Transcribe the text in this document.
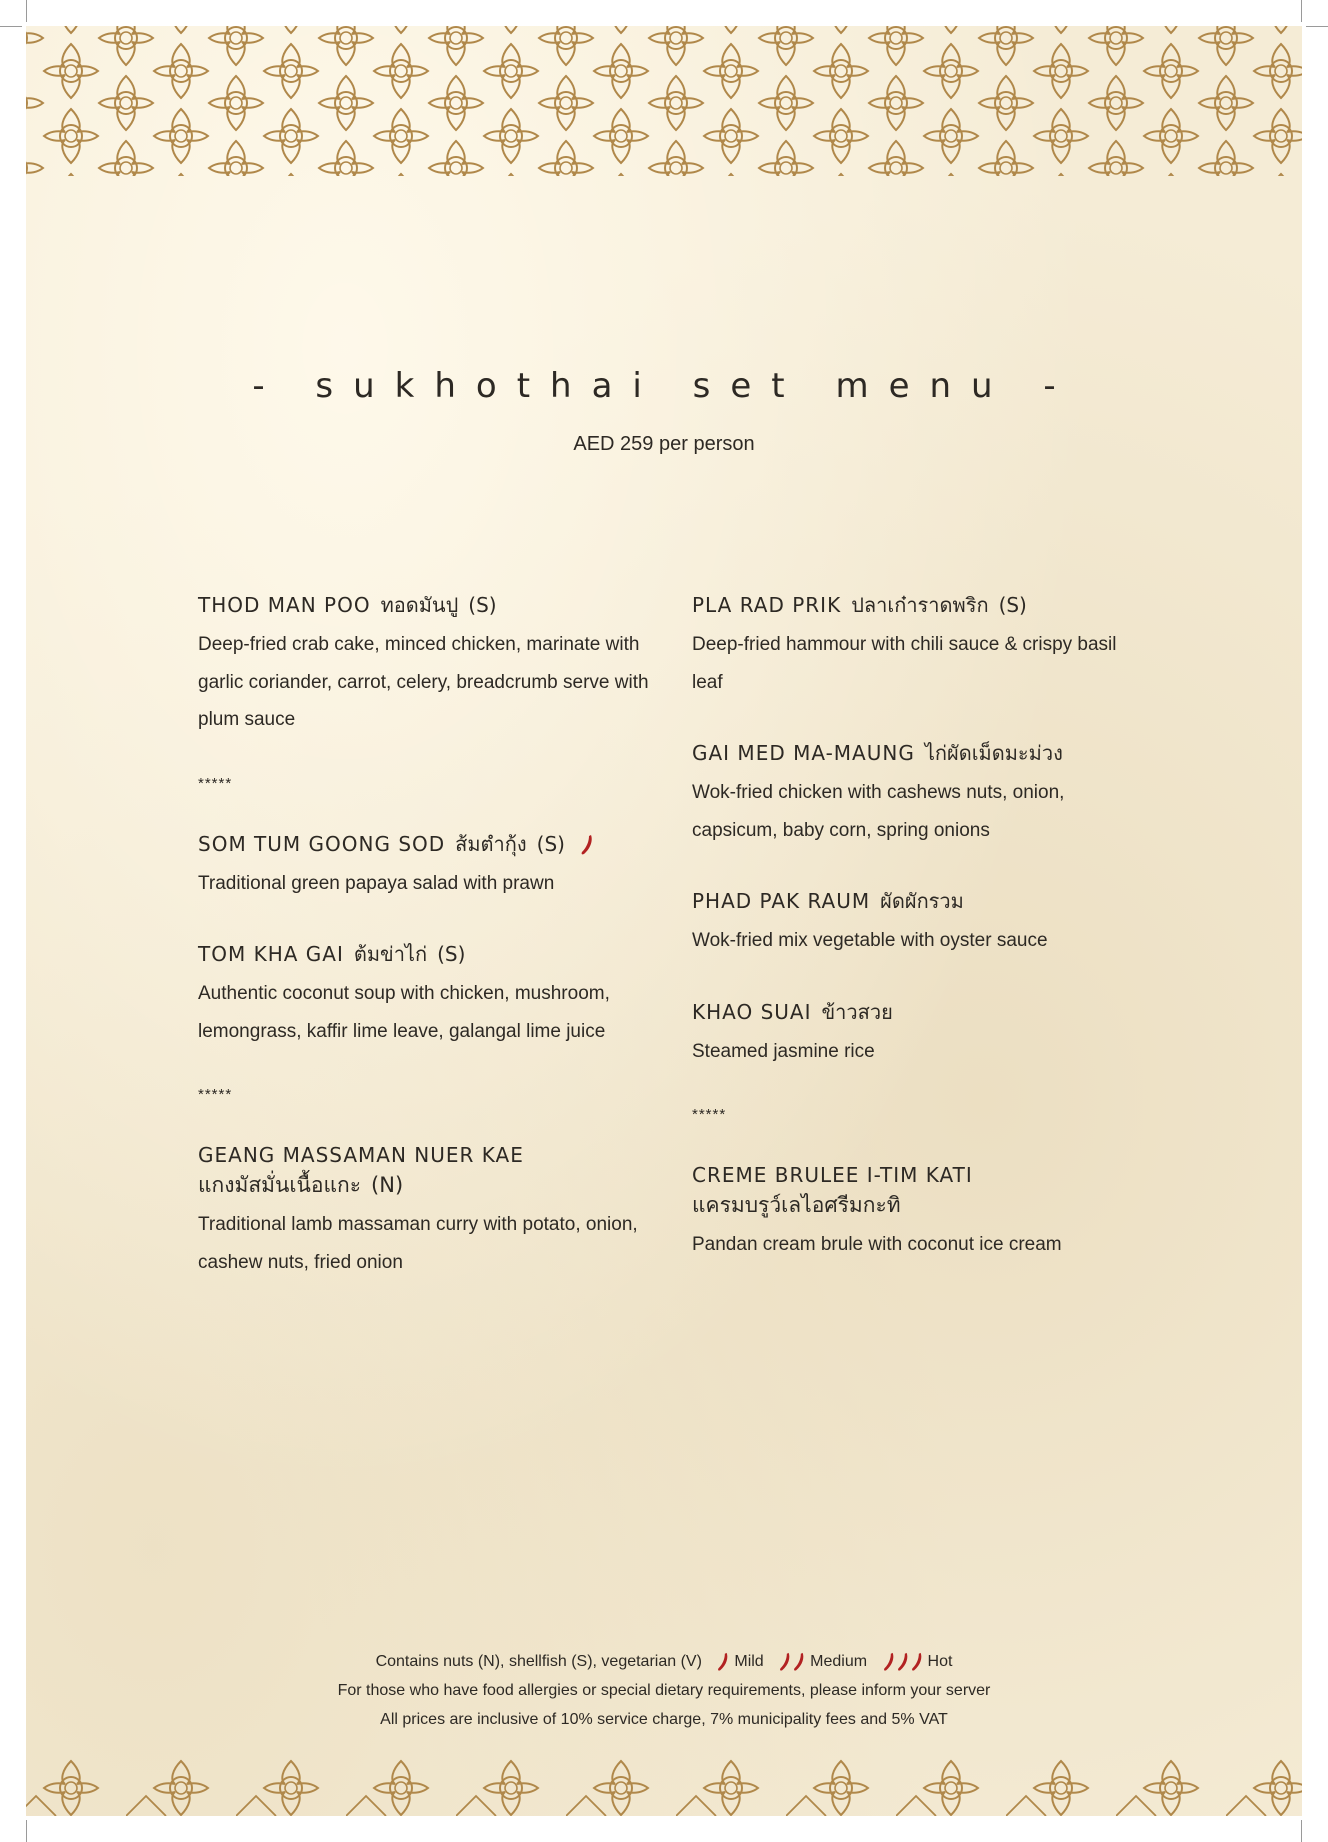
- sukhothai set menu -
AED 259 per person
THOD MAN POO ทอดมันปู (S)
Deep-fried crab cake, minced chicken, marinate with garlic coriander, carrot, celery, breadcrumb serve with plum sauce
*****
SOM TUM GOONG SOD ส้มตำกุ้ง (S)
Traditional green papaya salad with prawn
TOM KHA GAI ต้มข่าไก่ (S)
Authentic coconut soup with chicken, mushroom, lemongrass, kaffir lime leave, galangal lime juice
*****
GEANG MASSAMAN NUER KAE
แกงมัสมั่นเนื้อแกะ (N)
Traditional lamb massaman curry with potato, onion, cashew nuts, fried onion
PLA RAD PRIK ปลาเก๋าราดพริก (S)
Deep-fried hammour with chili sauce & crispy basil leaf
GAI MED MA-MAUNG ไก่ผัดเม็ดมะม่วง
Wok-fried chicken with cashews nuts, onion, capsicum, baby corn, spring onions
PHAD PAK RAUM ผัดผักรวม
Wok-fried mix vegetable with oyster sauce
KHAO SUAI ข้าวสวย
Steamed jasmine rice
*****
CREME BRULEE I-TIM KATI
แครมบรูว์เลไอศรีมกะทิ
Pandan cream brule with coconut ice cream
Contains nuts (N), shellfish (S), vegetarian (V) Mild	Medium	Hot
For those who have food allergies or special dietary requirements, please inform your server
All prices are inclusive of 10% service charge, 7% municipality fees and 5% VAT
